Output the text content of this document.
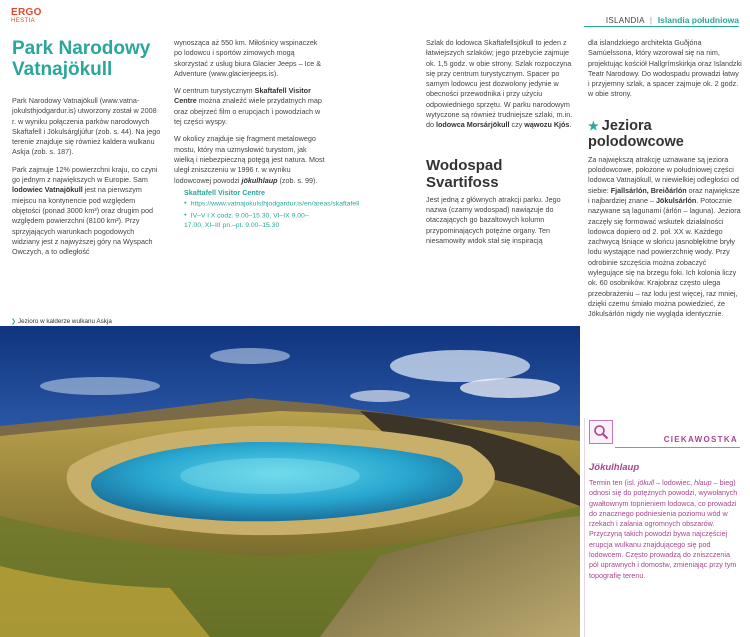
ERGO
HESTIA	ISLANDIA | Islandia południowa
Park Narodowy Vatnajökull

Park Narodowy Vatnajökull (www.vatna-jokulsthjodgardur.is) utworzony został w 2008 r. w wyniku połączenia parków narodowych Skaftafell i Jökulsárgljúfur (zob. s. 44). Na jego terenie znajduje się również kaldera wulkanu Askja (zob. s. 187).

Park zajmuje 12% powierzchni kraju, co czyni go jednym z największych w Europie. Sam lodowiec Vatnajökull jest na pierwszym miejscu na kontynencie pod względem objętości (ponad 3000 km³) oraz drugim pod względem powierzchni (8100 km²). Przy sprzyjających warunkach pogodowych widziany jest z najwyższej góry na Wyspach Owczych, a to odległość

wynosząca aż 550 km. Miłośnicy wspinaczek po lodowcu i sportów zimowych mogą skorzystać z usług biura Glacier Jeeps – Ice & Adventure (www.glacierjeeps.is).

W centrum turystycznym Skaftafell Visitor Centre można znaleźć wiele przydatnych map oraz obejrzeć film o erupcjach i powodziach w tej części wyspy.

W okolicy znajduje się fragment metalowego mostu, który ma uzmysłowić turystom, jak wielką i niebezpieczną potęgą jest natura. Most uległ zniszczeniu w 1996 r. w wyniku lodowcowej powodzi jökulhlaup (zob. s. 99).

Skaftafell Visitor Centre
● https://www.vatnajokulsthjodgardur.is/en/areas/skaftafell
● IV–V i X codz. 9.00–15.30, VI–IX 9.00–17.00, XI–III pn.–pt. 9.00–15.30

Szlak do lodowca Skaftafellsjökull to jeden z łatwiejszych szlaków; jego przebycie zajmuje ok. 1,5 godz. w obie strony. Szlak rozpoczyna się przy centrum turystycznym. Spacer po samym lodowcu jest dozwolony jedynie w obecności przewodnika i przy użyciu odpowiedniego sprzętu. W parku narodowym wytyczone są również trudniejsze szlaki, m.in. do lodowca Morsárjökull czy wąwozu Kjós.

Wodospad Svartifoss

Jest jedną z głównych atrakcji parku. Jego nazwa (czarny wodospad) nawiązuje do otaczających go bazaltowych kolumn przypominających potężne organy. Ten niesamowity widok stał się inspiracją

dla islandzkiego architekta Guðjóna Samúelssona, który wzorował się na nim, projektując kościół Hallgrímskirkja oraz Islandzki Teatr Narodowy. Do wodospadu prowadzi łatwy i przyjemny szlak, a spacer zajmuje ok. 2 godz. w obie strony.

★ Jeziora polodowcowe

Za największą atrakcję uznawane są jeziora polodowcowe, położone w południowej części lodowca Vatnajökull, w niewielkiej odległości od siebie: Fjallsárlón, Breiðárlón oraz największe i najbardziej znane – Jökulsárlón. Potocznie nazywane są lagunami (árlón – laguna). Jeziora zaczęły się formować wskutek działalności lodowca dopiero od 2. poł. XX w. Każdego zachwycą lśniące w słońcu jasnobłękitne bryły lodu wystające nad powierzchnię wody. Przy odrobinie szczęścia można zobaczyć wylegujące się na brzegu foki. Ich kolonia liczy ok. 60 osobników. Krajobraz często ulega przeobrażeniu – raz lodu jest więcej, raz mniej, dzięki czemu śmiało można powiedzieć, że Jökulsárlón nigdy nie wygląda identycznie.

❯ Jezioro w kalderze wulkanu Askja
CIEKAWOSTKA
Jökulhlaup
Termin ten (isl. jökull – lodowiec, hlaup – bieg) odnosi się do potężnych powodzi, wywołanych gwałtownym topnieniem lodowca, co prowadzi do znacznego podniesienia poziomu wód w rzekach i zalania ogromnych obszarów. Przyczyną takich powodzi bywa najczęściej erupcja wulkanu znajdującego się pod lodowcem. Często prowadzą do zniszczenia pól uprawnych i domostw, zmieniając przy tym topografię terenu.
